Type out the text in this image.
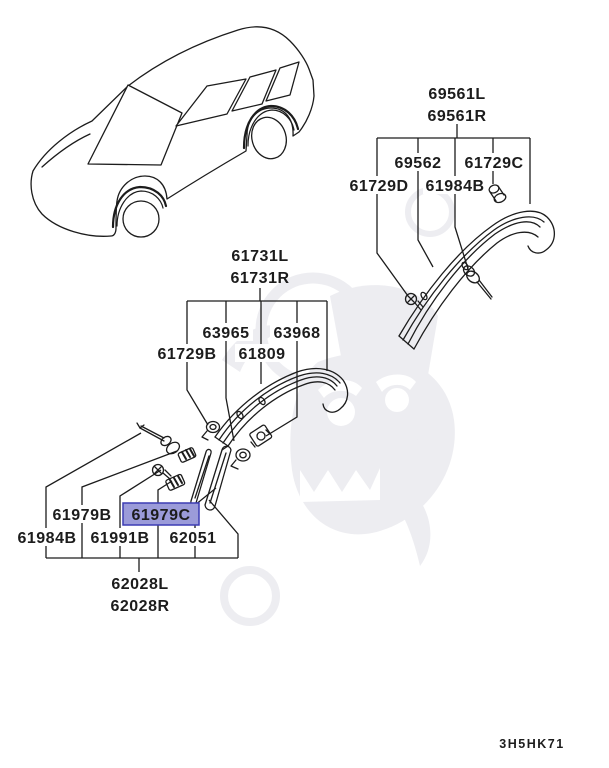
69561L
69561R
69562 61729C
61729D 61984B
61731L
61731R
63965 63968
61729B 61809
61979B 61979C
61984B 61991B 62051
62028L
62028R
3H5HK71
